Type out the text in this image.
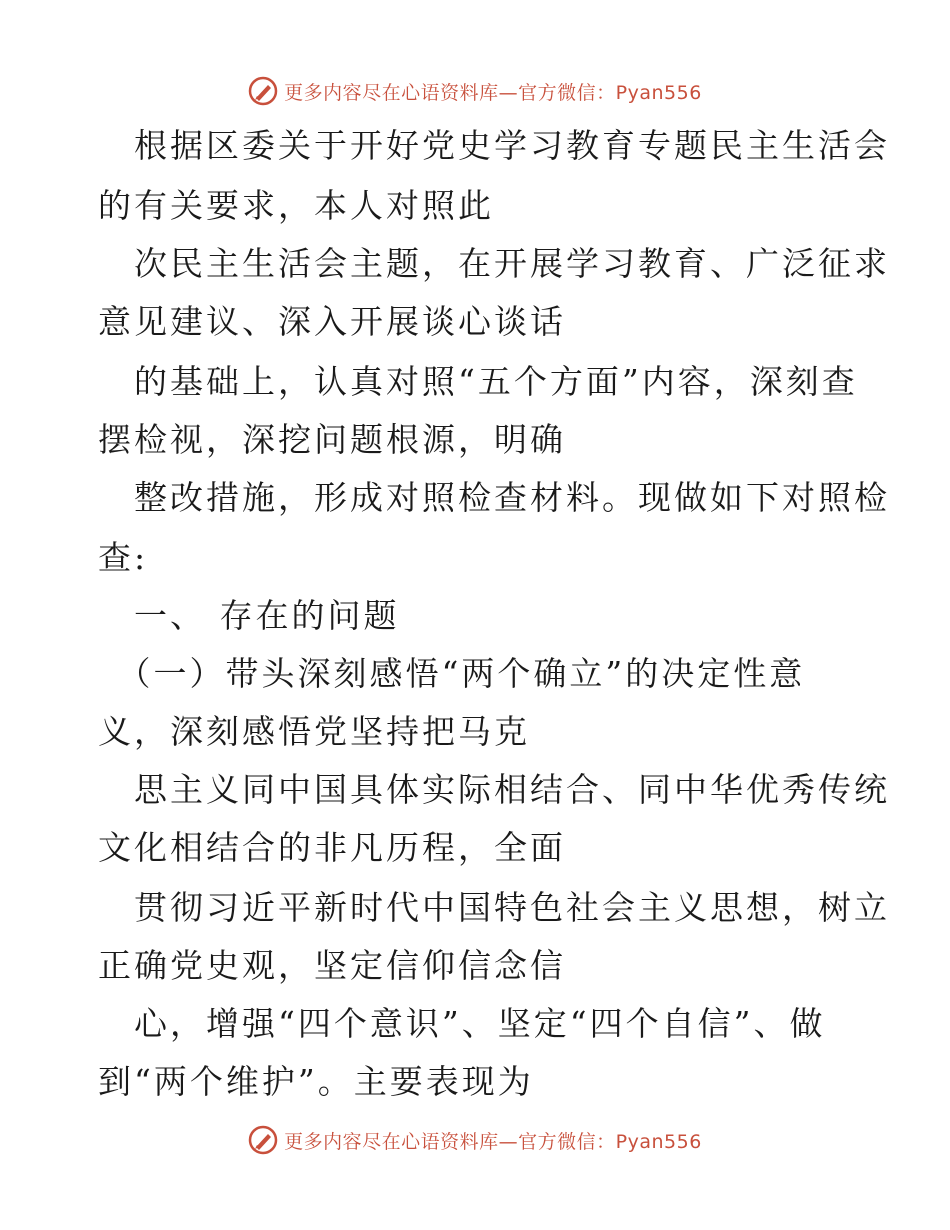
更多内容尽在心语资料库—官方微信：Pyan556
　根据区委关于开好党史学习教育专题民主生活会
的有关要求，本人对照此
　次民主生活会主题，在开展学习教育、广泛征求
意见建议、深入开展谈心谈话
　的基础上，认真对照“五个方面”内容，深刻查
摆检视，深挖问题根源，明确
　整改措施，形成对照检查材料。现做如下对照检
查:
　一、 存在的问题
　（一）带头深刻感悟“两个确立”的决定性意
义，深刻感悟党坚持把马克
　思主义同中国具体实际相结合、同中华优秀传统
文化相结合的非凡历程，全面
　贯彻习近平新时代中国特色社会主义思想，树立
正确党史观，坚定信仰信念信
　心，增强“四个意识”、坚定“四个自信”、做
到“两个维护”。主要表现为
更多内容尽在心语资料库—官方微信：Pyan556
